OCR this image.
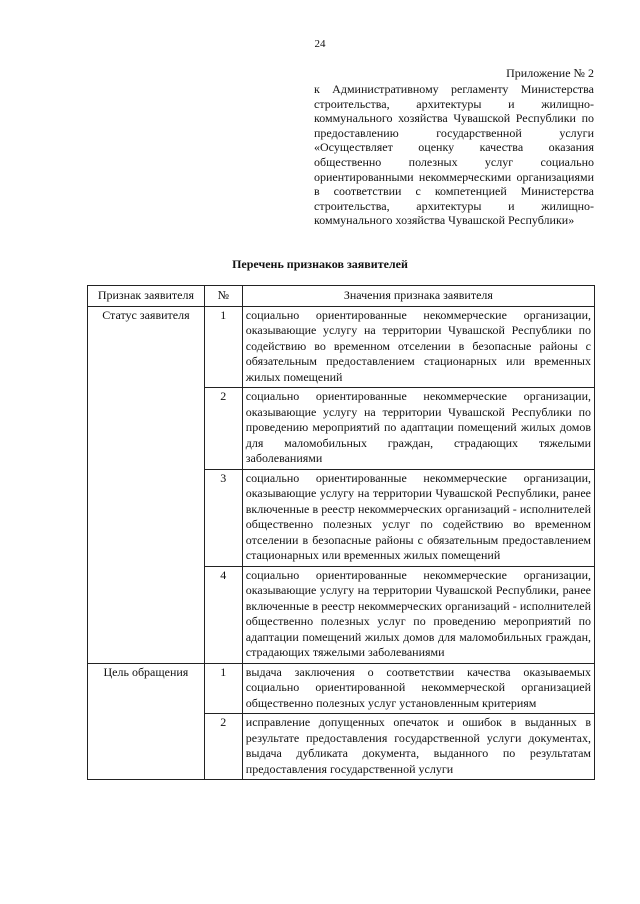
24
Приложение № 2
к Административному регламенту Министерства строительства, архитектуры и жилищно-коммунального хозяйства Чувашской Республики по предоставлению государственной услуги «Осуществляет оценку качества оказания общественно полезных услуг социально ориентированными некоммерческими организациями в соответствии с компетенцией Министерства строительства, архитектуры и жилищно-коммунального хозяйства Чувашской Республики»
Перечень признаков заявителей
Признак заявителя	№	Значения признака заявителя
Статус заявителя	1	социально ориентированные некоммерческие организации, оказывающие услугу на территории Чувашской Республики по содействию во временном отселении в безопасные районы с обязательным предоставлением стационарных или временных жилых помещений
	2	социально ориентированные некоммерческие организации, оказывающие услугу на территории Чувашской Республики по проведению мероприятий по адаптации помещений жилых домов для маломобильных граждан, страдающих тяжелыми заболеваниями
	3	социально ориентированные некоммерческие организации, оказывающие услугу на территории Чувашской Республики, ранее включенные в реестр некоммерческих организаций - исполнителей общественно полезных услуг по содействию во временном отселении в безопасные районы с обязательным предоставлением стационарных или временных жилых помещений
	4	социально ориентированные некоммерческие организации, оказывающие услугу на территории Чувашской Республики, ранее включенные в реестр некоммерческих организаций - исполнителей общественно полезных услуг по проведению мероприятий по адаптации помещений жилых домов для маломобильных граждан, страдающих тяжелыми заболеваниями
Цель обращения	1	выдача заключения о соответствии качества оказываемых социально ориентированной некоммерческой организацией общественно полезных услуг установленным критериям
	2	исправление допущенных опечаток и ошибок в выданных в результате предоставления государственной услуги документах, выдача дубликата документа, выданного по результатам предоставления государственной услуги
